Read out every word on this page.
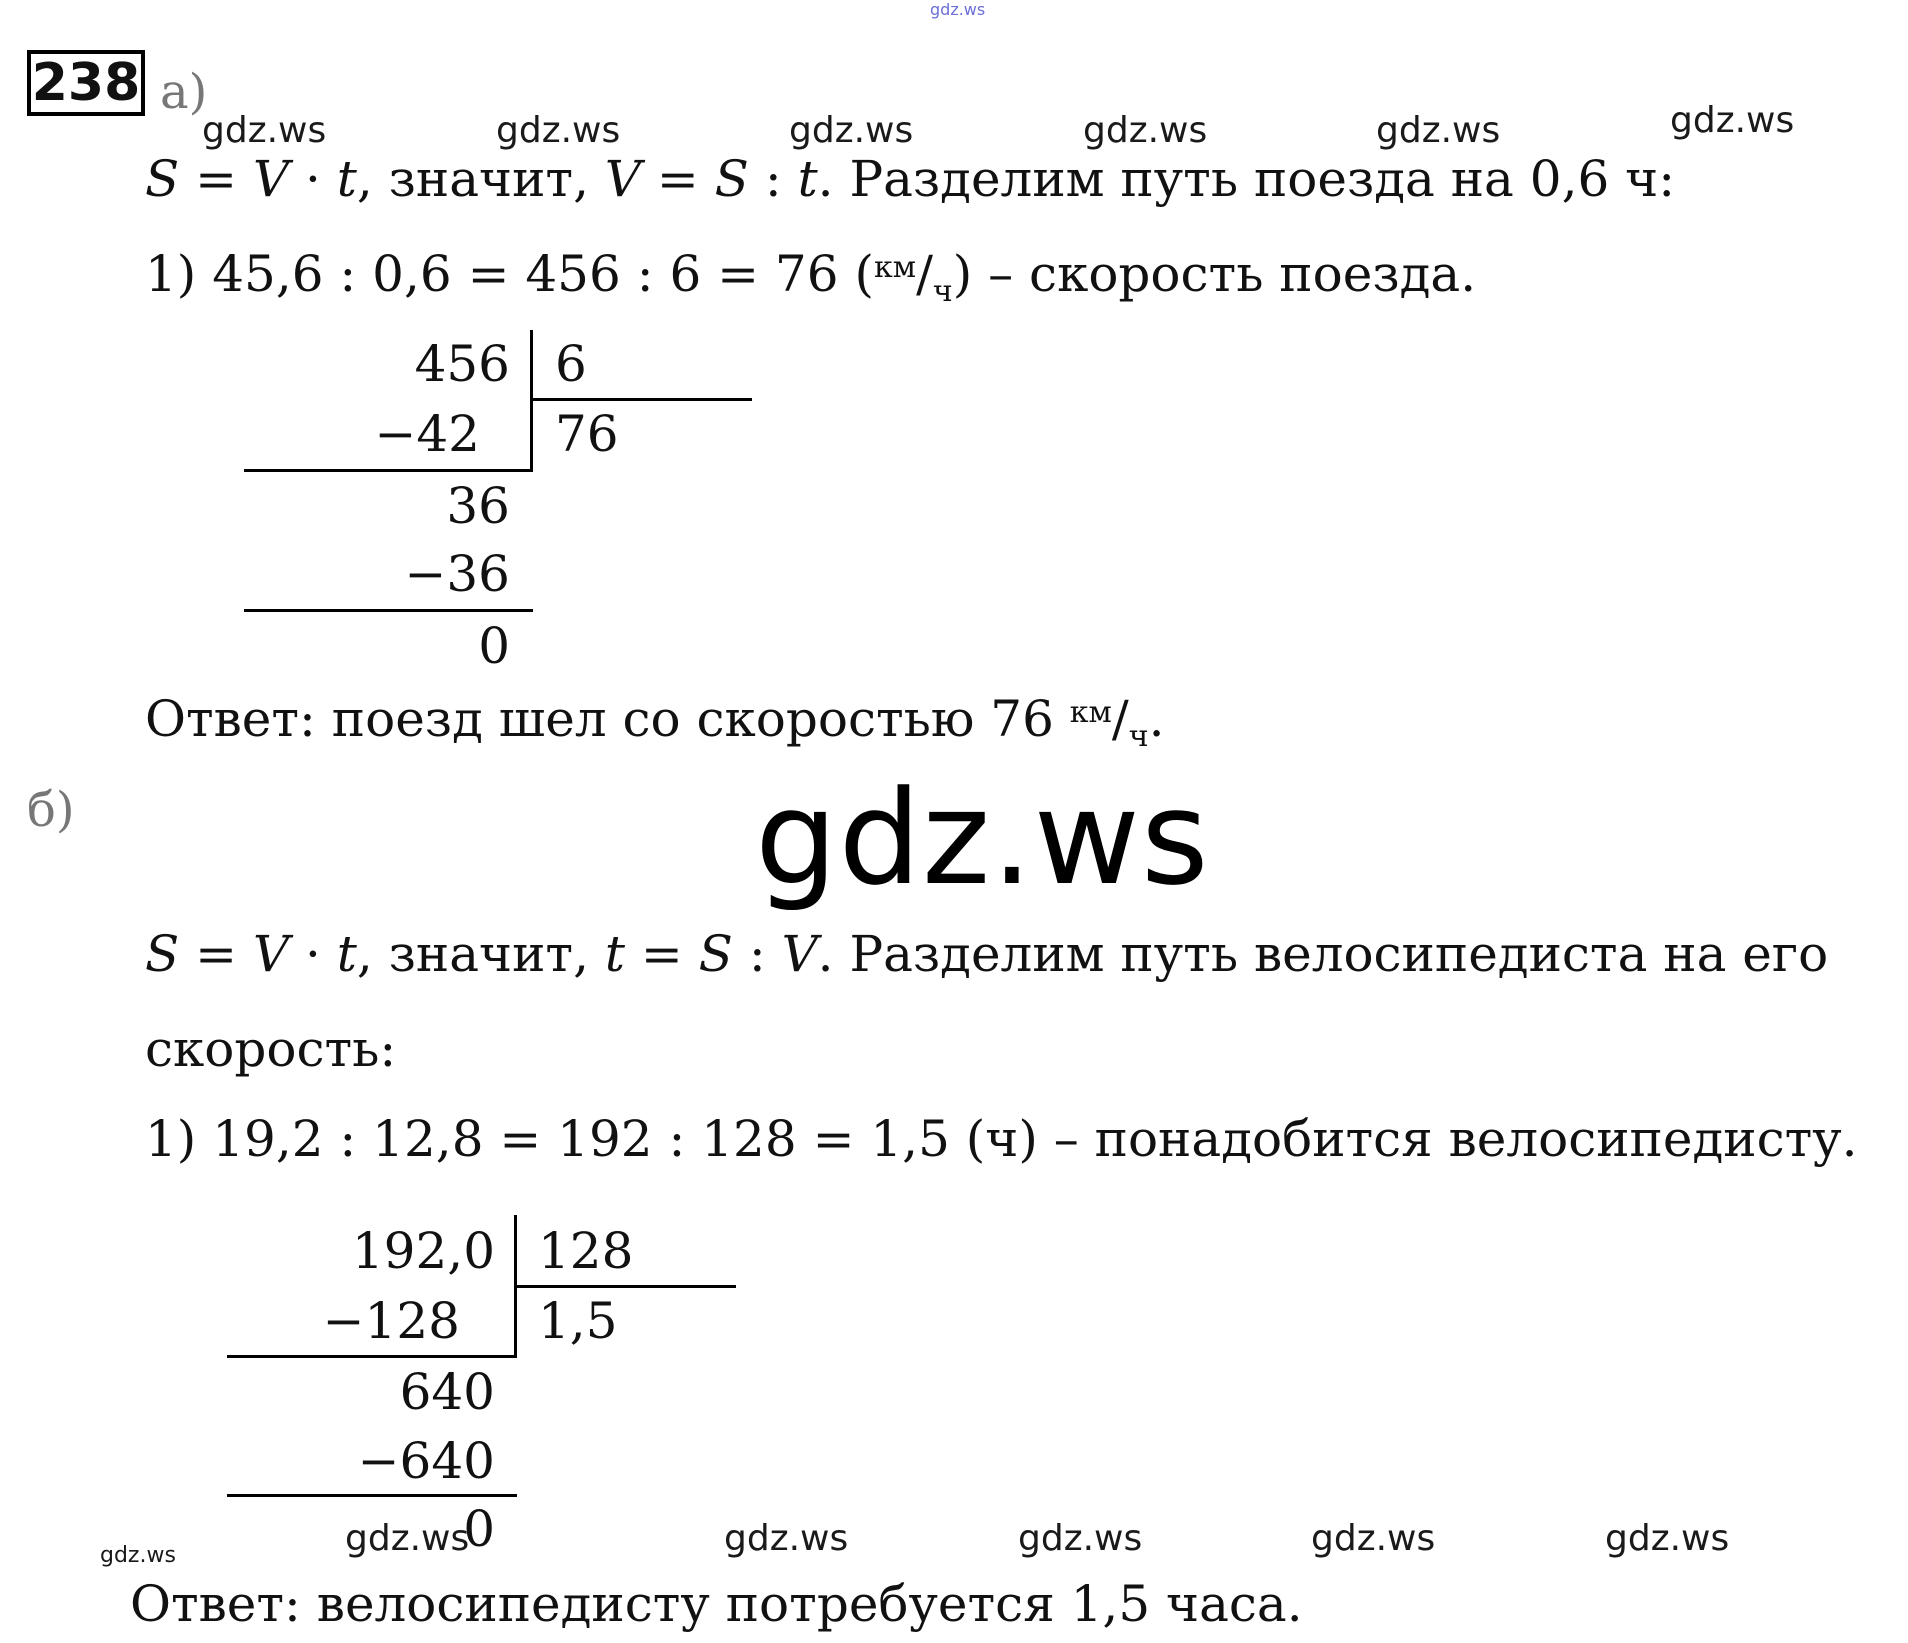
gdz.ws
238 а)
gdz.ws	gdz.ws	gdz.ws	gdz.ws	gdz.ws	gdz.ws
S = V · t, значит, V = S : t. Разделим путь поезда на 0,6 ч:
1) 45,6 : 0,6 = 456 : 6 = 76 $(^{км}/_ч)$ – скорость поезда.
456 6
−42 76
36
−36
0
Ответ: поезд шел со скоростью 76 $^{км}/_ч$.
б)	gdz.ws
S = V · t, значит, t = S : V. Разделим путь велосипедиста на его
скорость:
1) 19,2 : 12,8 = 192 : 128 = 1,5 (ч) – понадобится велосипедисту.
192,0 128
−128 1,5
640
−640
0
gdz.ws	gdz.ws	gdz.ws	gdz.ws	gdz.ws	gdz.ws
Ответ: велосипедисту потребуется 1,5 часа.
